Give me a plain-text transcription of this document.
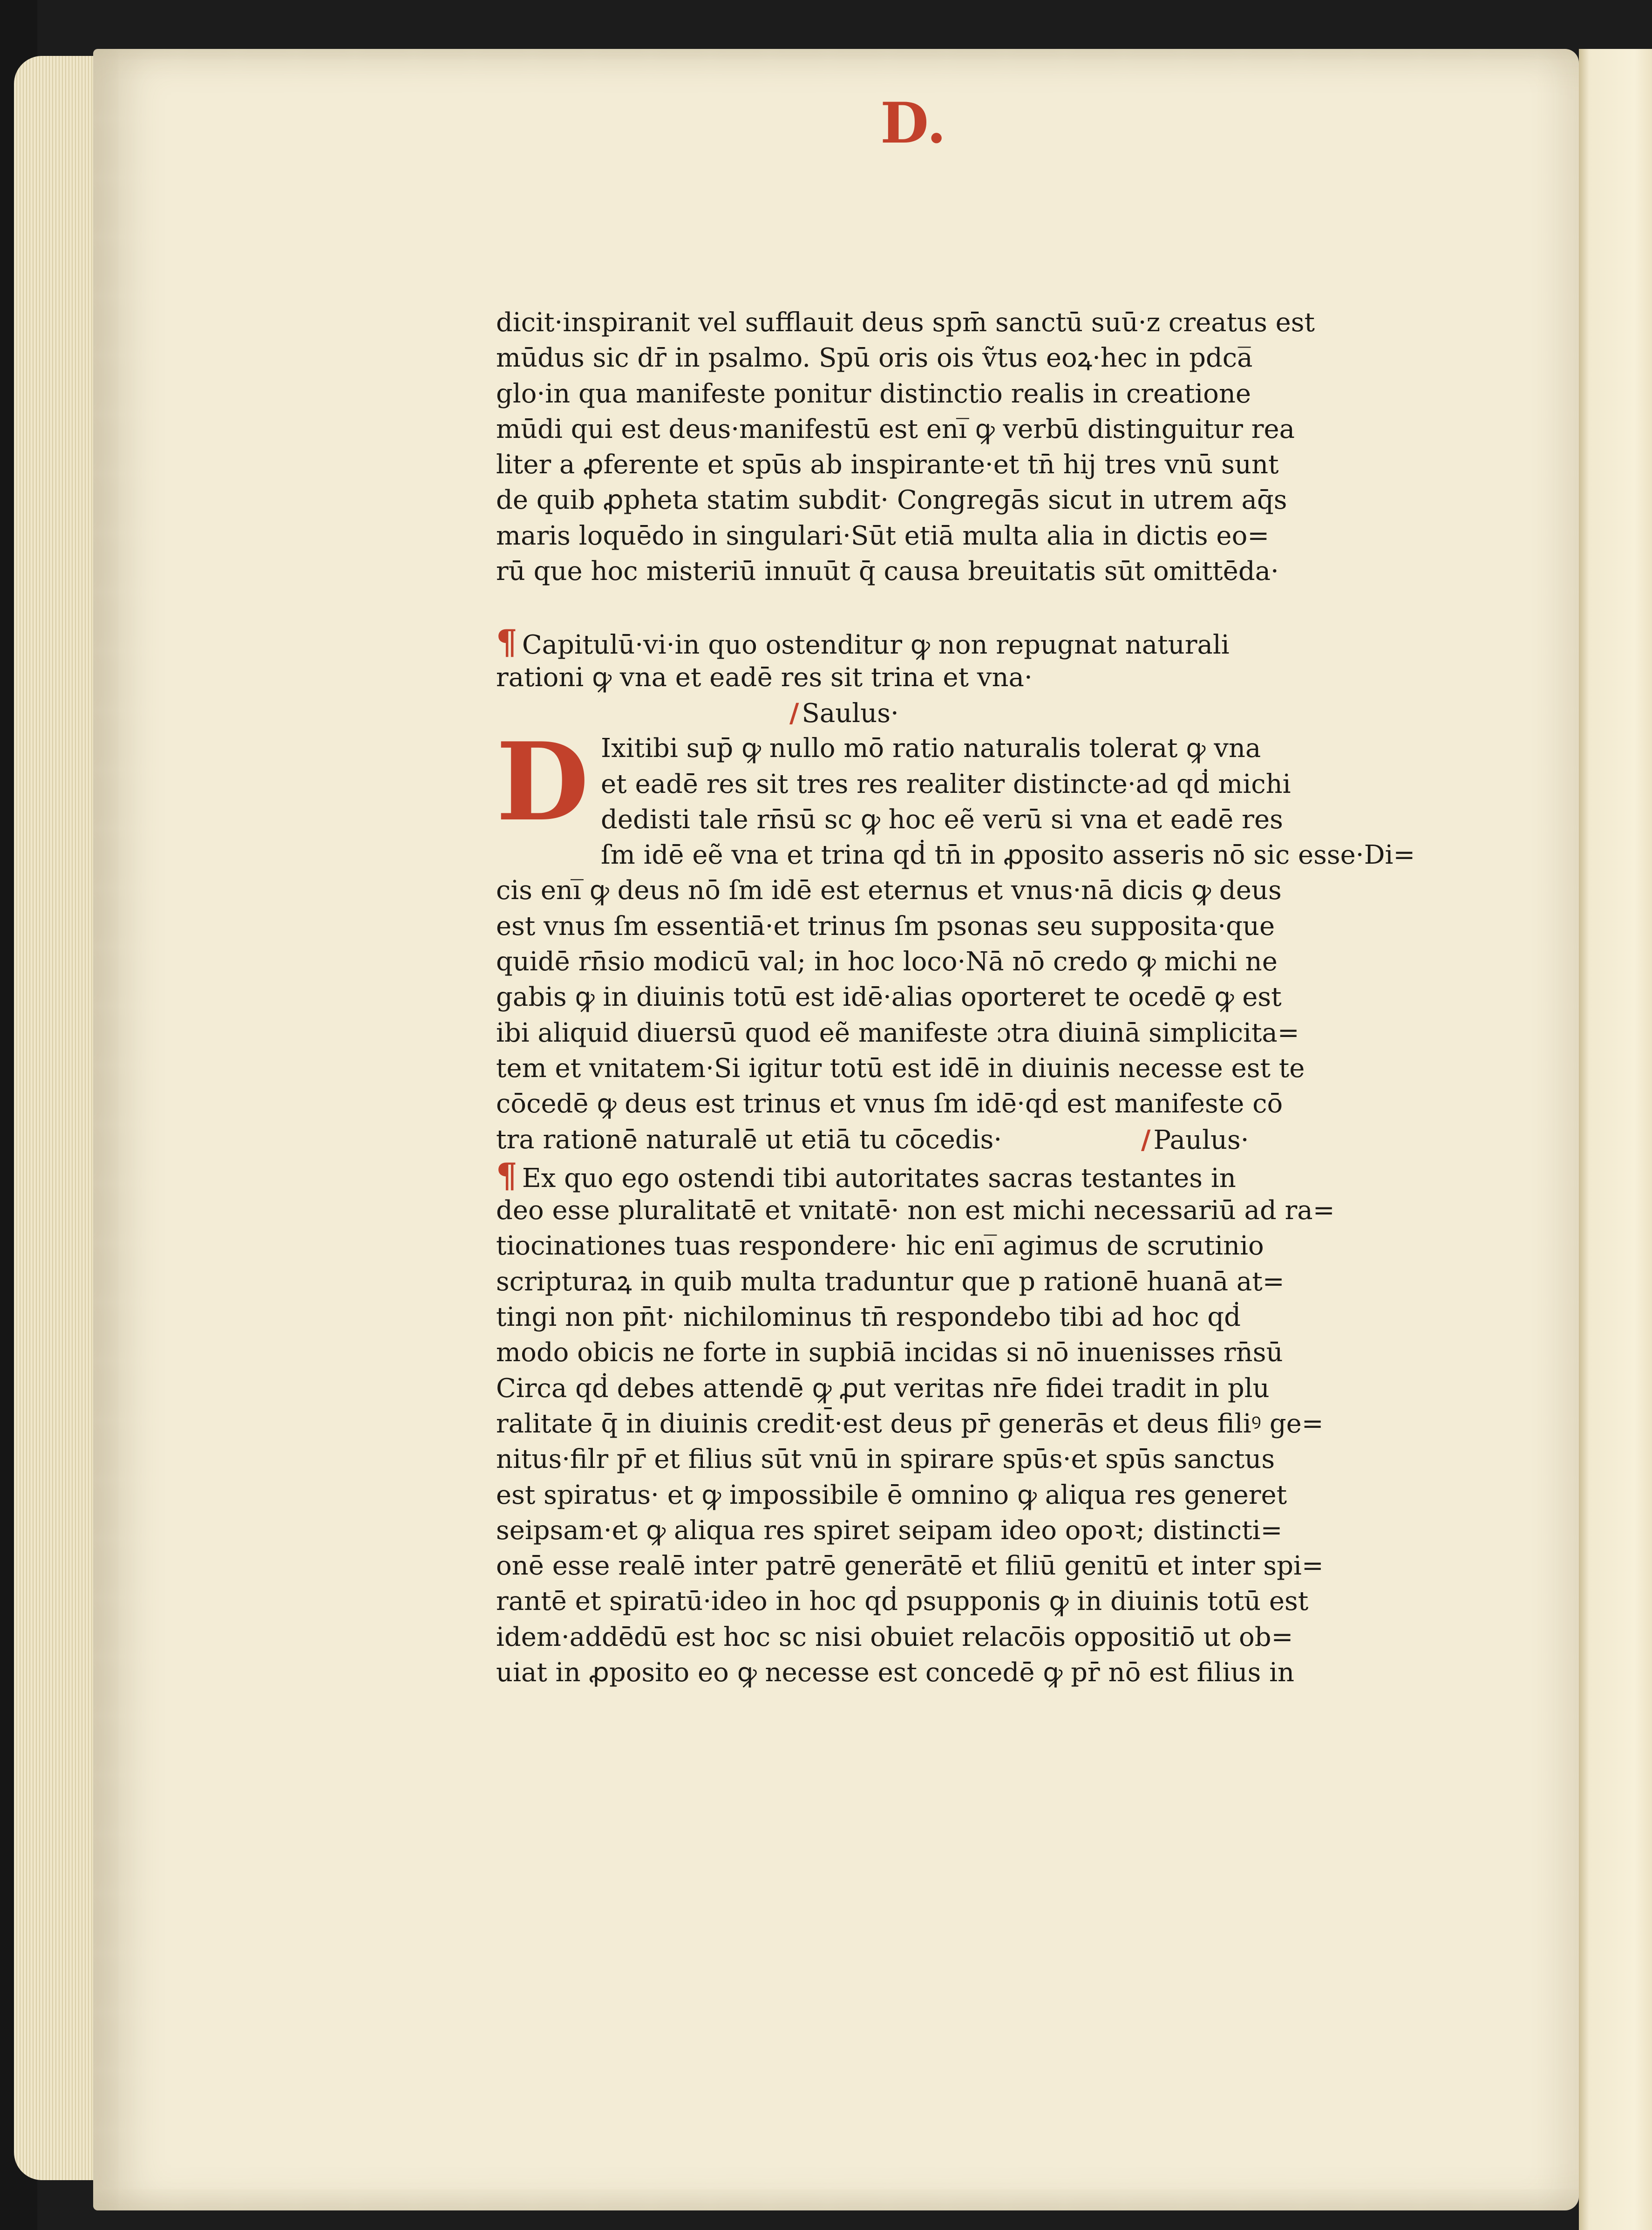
D.
dicit·inspiranit vel sufflauit deus spm̄ sanctū suū·z creatus est
mūdus sic dr̄ in psalmo. Spū oris ois ṽtus eoꝝ·hec in pdca̅
glo·in qua manifeste ponitur distinctio realis in creatione
mūdi qui est deus·manifestū est eni̅ ꝙ verbū distinguitur rea
liter a ꝓferente et spūs ab inspirante·et tn̄ hij tres vnū sunt
de quib ꝓpheta statim subdit· Congregās sicut in utrem aq̄s
maris loquēdo in singulari·Sūt etiā multa alia in dictis eo=
rū que hoc misteriū innuūt q̄ causa breuitatis sūt omittēda·
¶ Capitulū·vi·in quo ostenditur ꝙ non repugnat naturali
rationi ꝙ vna et eadē res sit trina et vna·
/ Saulus·
D Ixitibi sup̄ ꝙ nullo mō ratio naturalis tolerat ꝙ vna
et eadē res sit tres res realiter distincte·ad qḋ michi
dedisti tale rn̄sū sc ꝙ hoc eẽ verū si vna et eadē res
ſm idē eẽ vna et trina qḋ tn̄ in ꝓposito asseris nō sic esse·Di=
cis eni̅ ꝙ deus nō ſm idē est eternus et vnus·nā dicis ꝙ deus
est vnus ſm essentiā·et trinus ſm psonas seu supposita·que
quidē rn̄sio modicū val; in hoc loco·Nā nō credo ꝙ michi ne
gabis ꝙ in diuinis totū est idē·alias oporteret te ocedē ꝙ est
ibi aliquid diuersū quod eẽ manifeste ɔtra diuinā simplicita=
tem et vnitatem·Si igitur totū est idē in diuinis necesse est te
cōcedē ꝙ deus est trinus et vnus ſm idē·qḋ est manifeste cō
tra rationē naturalē ut etiā tu cōcedis·	/ Paulus·
¶ Ex quo ego ostendi tibi autoritates sacras testantes in
deo esse pluralitatē et vnitatē· non est michi necessariū ad ra=
tiocinationes tuas respondere· hic eni̅ agimus de scrutinio
scripturaꝝ in quib multa traduntur que p rationē huanā at=
tingi non pn̄t· nichilominus tn̄ respondebo tibi ad hoc qḋ
modo obicis ne forte in supbiā incidas si nō inuenisses rn̄sū
Circa qḋ debes attendē ꝙ ꝓut veritas nr̄e fidei tradit in plu
ralitate q̄ in diuinis credit̄·est deus pr̄ generās et deus filiꝰ ge=
nitus·filr pr̄ et filius sūt vnū in spirare spūs·et spūs sanctus
est spiratus· et ꝙ impossibile ē omnino ꝙ aliqua res generet
seipsam·et ꝙ aliqua res spiret seipam ideo opoꝛt; distincti=
onē esse realē inter patrē generātē et filiū genitū et inter spi=
rantē et spiratū·ideo in hoc qḋ psupponis ꝙ in diuinis totū est
idem·addēdū est hoc sc nisi obuiet relacōis oppositiō ut ob=
uiat in ꝓposito eo ꝙ necesse est concedē ꝙ pr̄ nō est filius in
